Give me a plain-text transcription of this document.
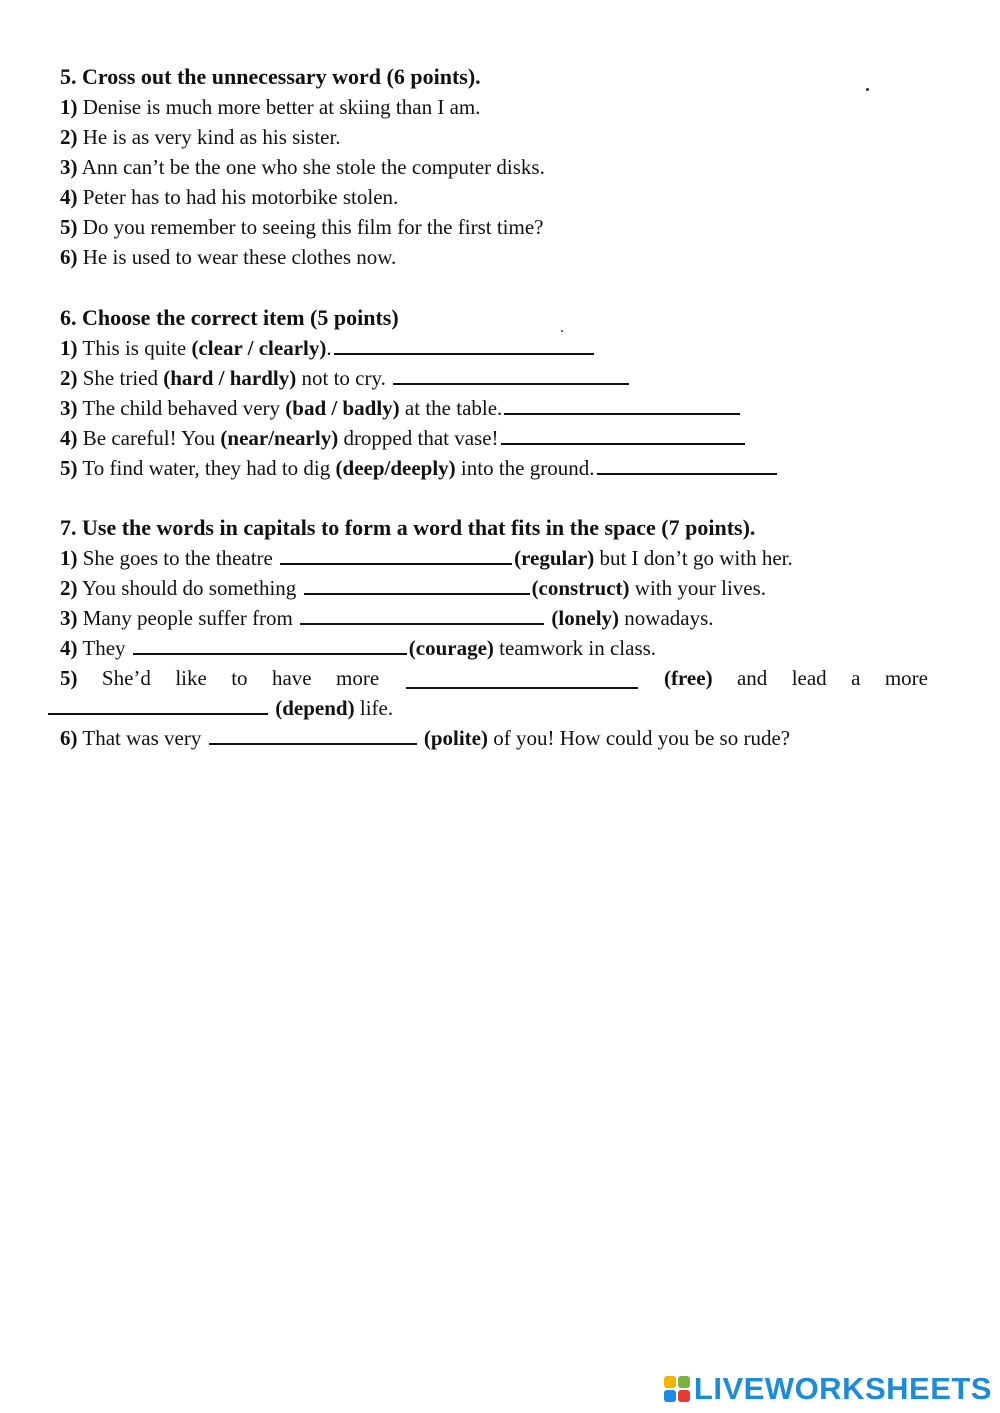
5. Cross out the unnecessary word (6 points).
1) Denise is much more better at skiing than I am.
2) He is as very kind as his sister.
3) Ann can’t be the one who she stole the computer disks.
4) Peter has to had his motorbike stolen.
5) Do you remember to seeing this film for the first time?
6) He is used to wear these clothes now.
6. Choose the correct item (5 points)
1) This is quite (clear / clearly).
2) She tried (hard / hardly) not to cry.
3) The child behaved very (bad / badly) at the table.
4) Be careful! You (near/nearly) dropped that vase!
5) To find water, they had to dig (deep/deeply) into the ground.
7. Use the words in capitals to form a word that fits in the space (7 points).
1) She goes to the theatre	(regular) but I don’t go with her.
2) You should do something	(construct) with your lives.
3) Many people suffer from	(lonely) nowadays.
4) They	(courage) teamwork in class.
5) She’d like to have more	(free) and lead a more
(depend) life.
6) That was very	(polite) of you! How could you be so rude?
LIVEWORKSHEETS
